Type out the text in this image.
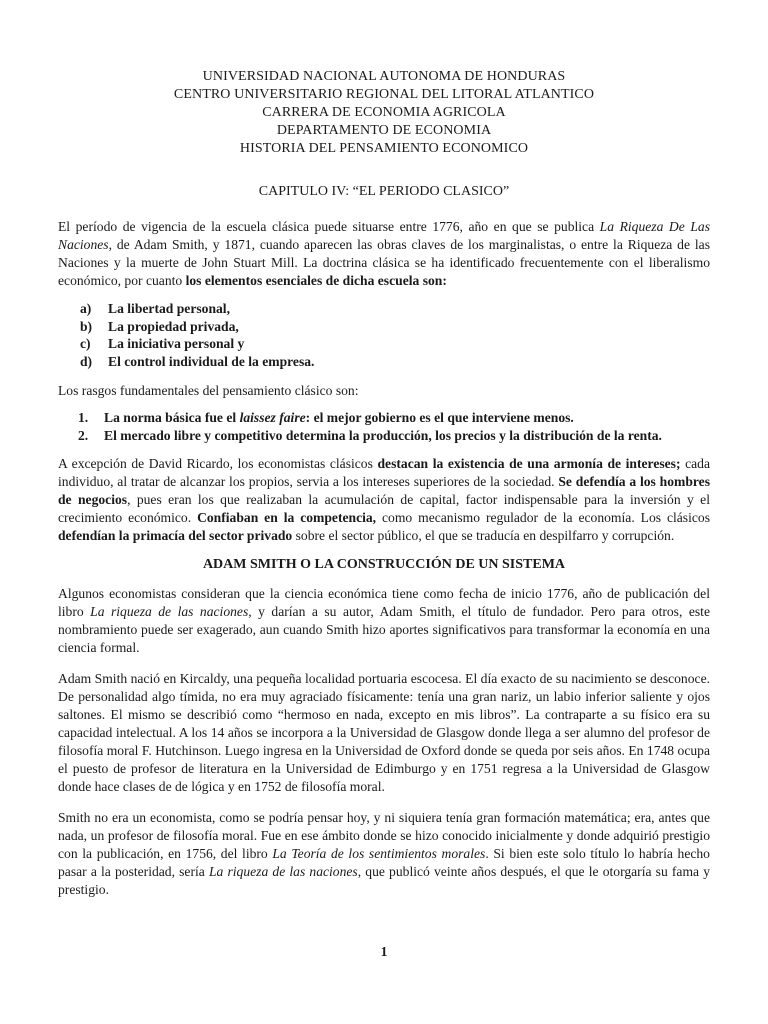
UNIVERSIDAD NACIONAL AUTONOMA DE HONDURAS
CENTRO UNIVERSITARIO REGIONAL DEL LITORAL ATLANTICO
CARRERA DE ECONOMIA AGRICOLA
DEPARTAMENTO DE ECONOMIA
HISTORIA DEL PENSAMIENTO ECONOMICO
CAPITULO IV: “EL PERIODO CLASICO”

El período de vigencia de la escuela clásica puede situarse entre 1776, año en que se publica La Riqueza De Las Naciones, de Adam Smith, y 1871, cuando aparecen las obras claves de los marginalistas, o entre la Riqueza de las Naciones y la muerte de John Stuart Mill. La doctrina clásica se ha identificado frecuentemente con el liberalismo económico, por cuanto los elementos esenciales de dicha escuela son:

a) La libertad personal,
b) La propiedad privada,
c) La iniciativa personal y
d) El control individual de la empresa.

Los rasgos fundamentales del pensamiento clásico son:

1. La norma básica fue el laissez faire: el mejor gobierno es el que interviene menos.
2. El mercado libre y competitivo determina la producción, los precios y la distribución de la renta.

A excepción de David Ricardo, los economistas clásicos destacan la existencia de una armonía de intereses; cada individuo, al tratar de alcanzar los propios, servia a los intereses superiores de la sociedad. Se defendía a los hombres de negocios, pues eran los que realizaban la acumulación de capital, factor indispensable para la inversión y el crecimiento económico. Confiaban en la competencia, como mecanismo regulador de la economía. Los clásicos defendían la primacía del sector privado sobre el sector público, el que se traducía en despilfarro y corrupción.

ADAM SMITH O LA CONSTRUCCIÓN DE UN SISTEMA

Algunos economistas consideran que la ciencia económica tiene como fecha de inicio 1776, año de publicación del libro La riqueza de las naciones, y darían a su autor, Adam Smith, el título de fundador. Pero para otros, este nombramiento puede ser exagerado, aun cuando Smith hizo aportes significativos para transformar la economía en una ciencia formal.

Adam Smith nació en Kircaldy, una pequeña localidad portuaria escocesa. El día exacto de su nacimiento se desconoce. De personalidad algo tímida, no era muy agraciado físicamente: tenía una gran nariz, un labio inferior saliente y ojos saltones. El mismo se describió como “hermoso en nada, excepto en mis libros”. La contraparte a su físico era su capacidad intelectual. A los 14 años se incorpora a la Universidad de Glasgow donde llega a ser alumno del profesor de filosofía moral F. Hutchinson. Luego ingresa en la Universidad de Oxford donde se queda por seis años. En 1748 ocupa el puesto de profesor de literatura en la Universidad de Edimburgo y en 1751 regresa a la Universidad de Glasgow donde hace clases de de lógica y en 1752 de filosofía moral.

Smith no era un economista, como se podría pensar hoy, y ni siquiera tenía gran formación matemática; era, antes que nada, un profesor de filosofía moral. Fue en ese ámbito donde se hizo conocido inicialmente y donde adquirió prestigio con la publicación, en 1756, del libro La Teoría de los sentimientos morales. Si bien este solo título lo habría hecho pasar a la posteridad, sería La riqueza de las naciones, que publicó veinte años después, el que le otorgaría su fama y prestigio.

1
